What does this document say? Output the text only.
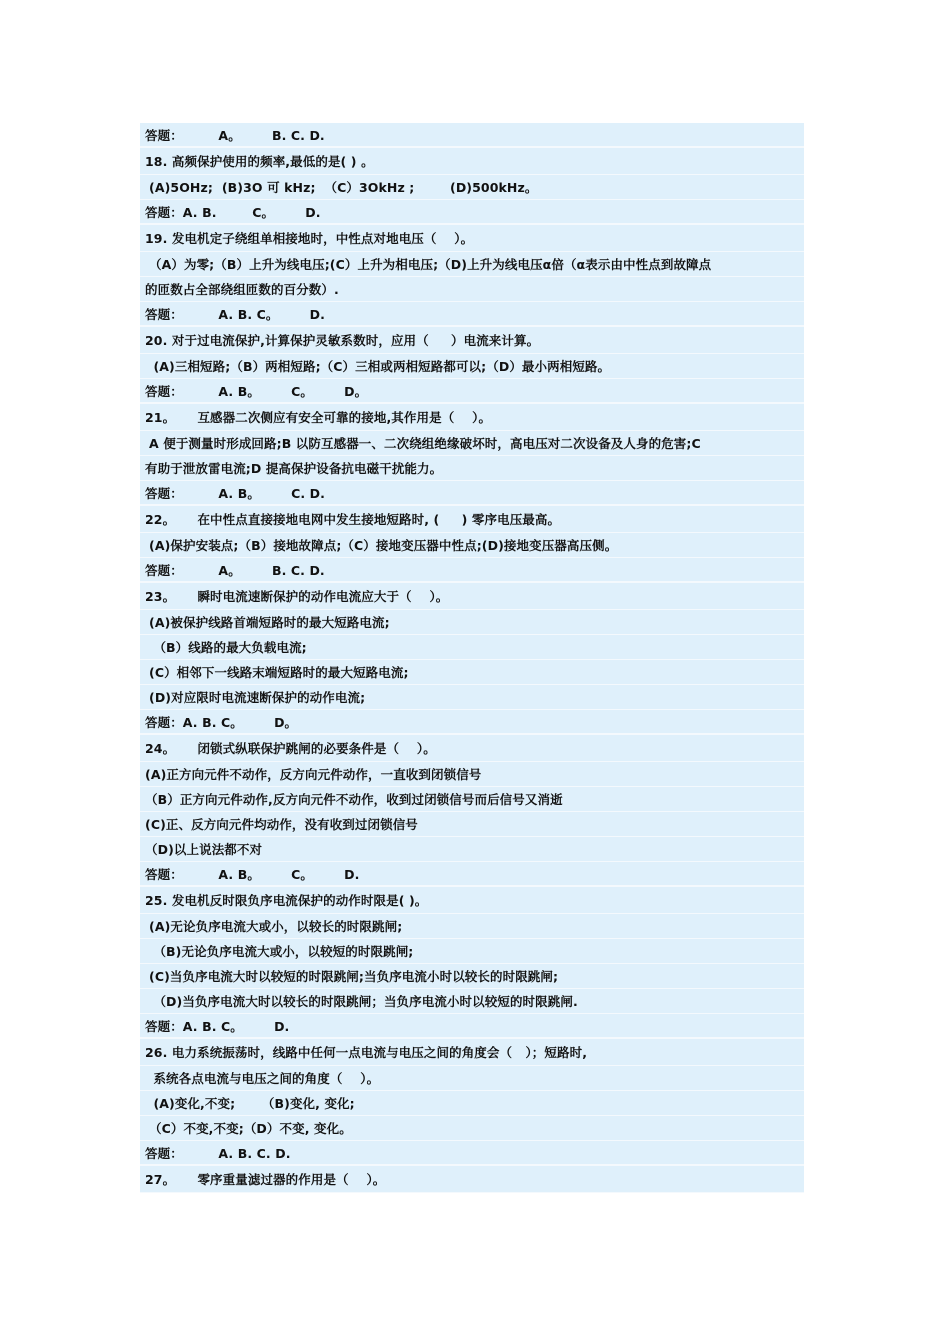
答题：        A。       B. C. D.
18. 高频保护使用的频率,最低的是( ) 。
(A)5OHz;  (B)3O 可 kHz;  （C）3OkHz ;        (D)500kHz。
答题：A. B.        C。       D.
19. 发电机定子绕组单相接地时，中性点对地电压（    ）。
（A）为零;（B）上升为线电压;(C）上升为相电压;（D)上升为线电压α倍（α表示由中性点到故障点
的匝数占全部绕组匝数的百分数）.
答题：        A. B. C。       D.
20. 对于过电流保护,计算保护灵敏系数时，应用（     ）电流来计算。
(A)三相短路;（B）两相短路;（C）三相或两相短路都可以;（D）最小两相短路。
答题：        A. B。       C。       D。
21。     互感器二次侧应有安全可靠的接地,其作用是（    ）。
A 便于测量时形成回路;B 以防互感器一、二次绕组绝缘破坏时，高电压对二次设备及人身的危害;C
有助于泄放雷电流;D 提高保护设备抗电磁干扰能力。
答题：        A. B。       C. D.
22。     在中性点直接接地电网中发生接地短路时, (     ) 零序电压最高。
(A)保护安装点;（B）接地故障点;（C）接地变压器中性点;(D)接地变压器高压侧。
答题：        A。       B. C. D.
23。     瞬时电流速断保护的动作电流应大于（    ）。
(A)被保护线路首端短路时的最大短路电流;
（B）线路的最大负载电流;
(C）相邻下一线路末端短路时的最大短路电流;
(D)对应限时电流速断保护的动作电流;
答题：A. B. C。       D。
24。     闭锁式纵联保护跳闸的必要条件是（    ）。
(A)正方向元件不动作，反方向元件动作，一直收到闭锁信号
（B）正方向元件动作,反方向元件不动作，收到过闭锁信号而后信号又消逝
(C)正、反方向元件均动作，没有收到过闭锁信号
（D)以上说法都不对
答题：        A. B。       C。       D.
25. 发电机反时限负序电流保护的动作时限是( )。
(A)无论负序电流大或小，以较长的时限跳闸;
（B)无论负序电流大或小，以较短的时限跳闸;
(C)当负序电流大时以较短的时限跳闸;当负序电流小时以较长的时限跳闸;
（D)当负序电流大时以较长的时限跳闸；当负序电流小时以较短的时限跳闸.
答题：A. B. C。       D.
26. 电力系统振荡时，线路中任何一点电流与电压之间的角度会（   ）；短路时,
系统各点电流与电压之间的角度（    ）。
(A)变化,不变;      （B)变化, 变化;
（C）不变,不变;（D）不变, 变化。
答题：        A. B. C. D.
27。     零序重量滤过器的作用是（    ）。
